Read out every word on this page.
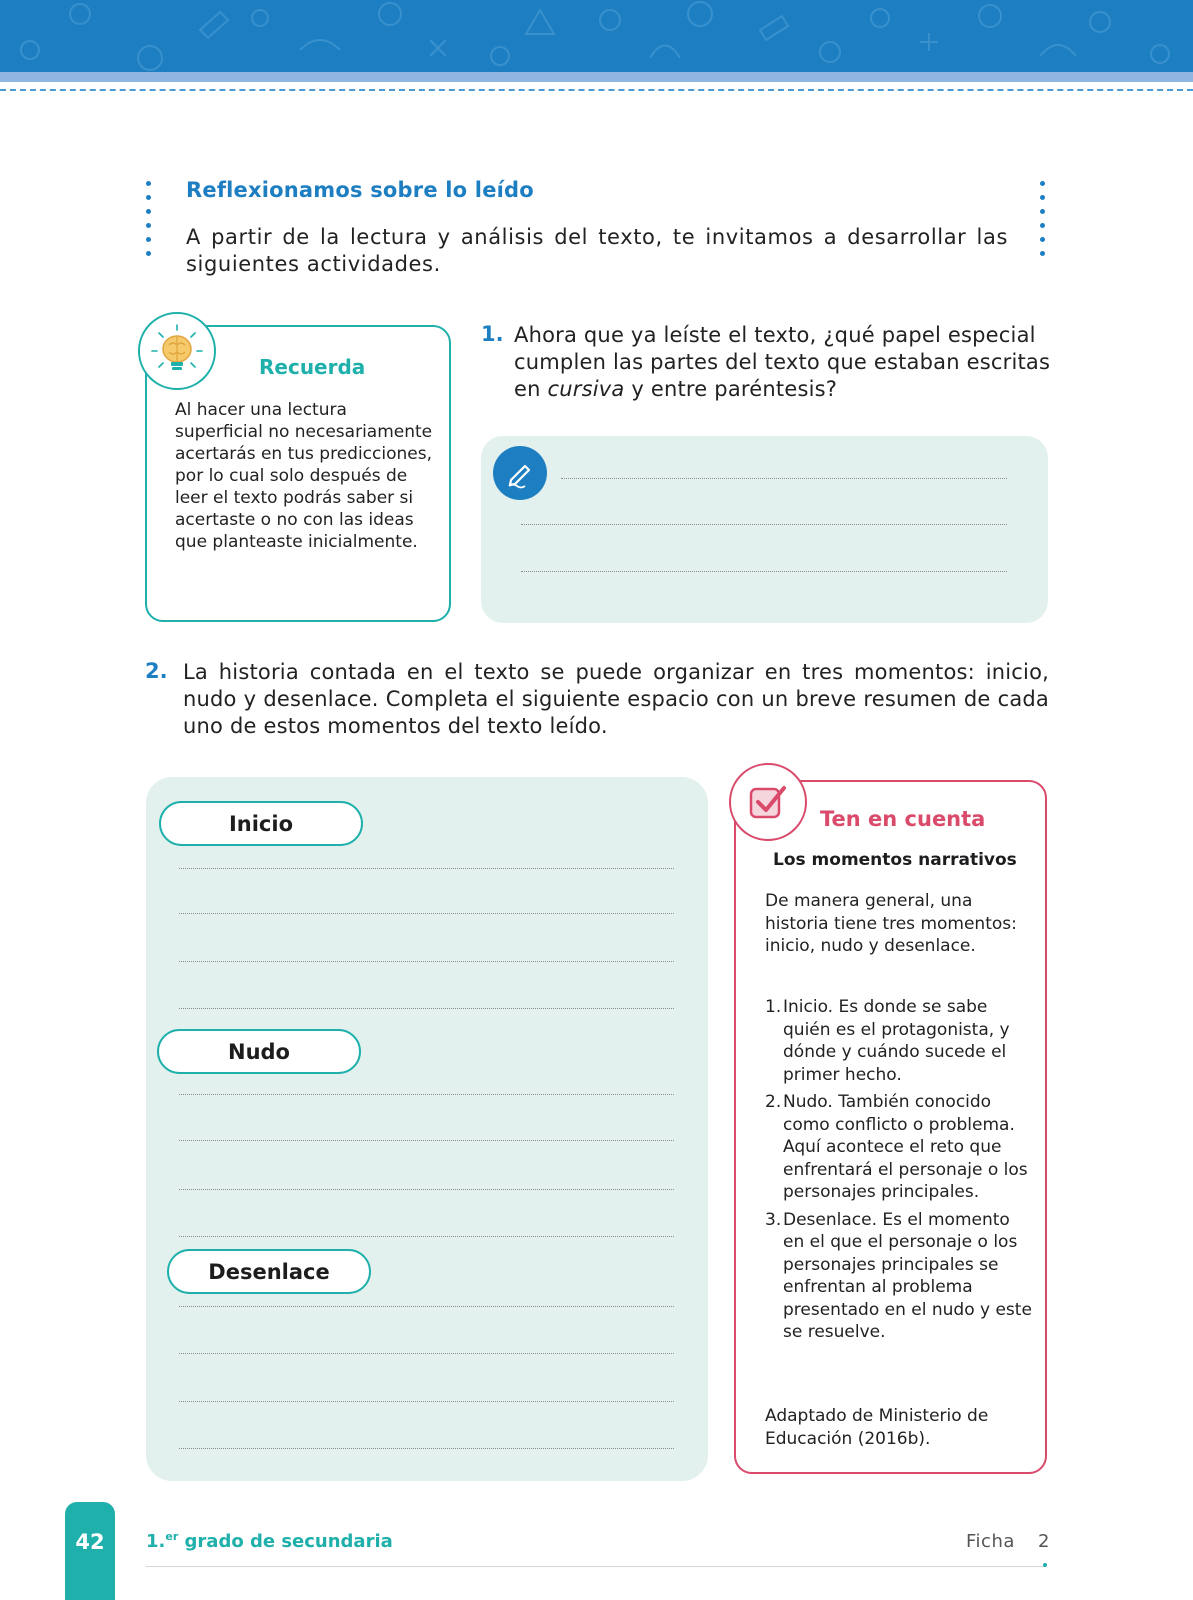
Reflexionamos sobre lo leído
A partir de la lectura y análisis del texto, te invitamos a desarrollar las siguientes actividades.
Recuerda
Al hacer una lectura superficial no necesariamente acertarás en tus predicciones, por lo cual solo después de leer el texto podrás saber si acertaste o no con las ideas que planteaste inicialmente.
1. Ahora que ya leíste el texto, ¿qué papel especial cumplen las partes del texto que estaban escritas en cursiva y entre paréntesis?
2. La historia contada en el texto se puede organizar en tres momentos: inicio, nudo y desenlace. Completa el siguiente espacio con un breve resumen de cada uno de estos momentos del texto leído.
Inicio
Nudo
Desenlace
Ten en cuenta
Los momentos narrativos
De manera general, una historia tiene tres momentos: inicio, nudo y desenlace.
1. Inicio. Es donde se sabe quién es el protagonista, y dónde y cuándo sucede el primer hecho.
2. Nudo. También conocido como conflicto o problema. Aquí acontece el reto que enfrentará el personaje o los personajes principales.
3. Desenlace. Es el momento en el que el personaje o los personajes principales se enfrentan al problema presentado en el nudo y este se resuelve.
Adaptado de Ministerio de Educación (2016b).
42	1.$^{er}$ grado de secundaria	Ficha 2
